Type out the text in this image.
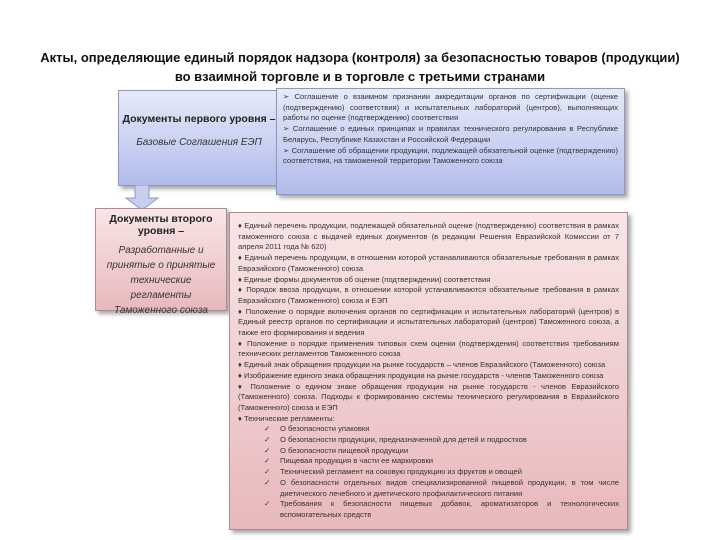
Акты, определяющие единый порядок надзора (контроля) за безопасностью товаров (продукции) во взаимной торговле и в торговле с третьими странами
Документы первого уровня –
Базовые Соглашения ЕЭП

➢ Соглашение о взаимном признании аккредитации органов по сертификации (оценке (подтверждению) соответствия) и испытательных лабораторий (центров), выполняющих работы по оценке (подтверждению) соответствия

➢ Соглашение о единых принципах и правилах технического регулирования в Республике Беларусь, Республике Казахстан и Российской Федерации

➢ Соглашение об обращении продукции, подлежащей обязательной оценке (подтверждению) соответствия, на таможенной территории Таможенного союза

Документы второго уровня –
Разработанные и принятые о принятые технические регламенты Таможенного союза

♦ Единый перечень продукции, подлежащей обязательной оценке (подтверждению) соответствия в рамках таможенного союза с выдачей единых документов (в редакции Решения Евразийской Комиссии от 7 апреля 2011 года № 620)

♦ Единый перечень продукции, в отношении которой устанавливаются обязательные требования в рамках Евразийского (Таможенного) союза

♦ Единые формы документов об оценке (подтверждении) соответствия

♦ Порядок ввоза продукции, в отношении которой устанавливаются обязательные требования в рамках Евразийского (Таможенного) союза и ЕЭП

♦ Положение о порядке включения органов по сертификации и испытательных лабораторий (центров) в Единый реестр органов по сертификации и испытательных лабораторий (центров) Таможенного союза, а также его формирования и ведения

♦ Положение о порядке применения типовых схем оценки (подтверждения) соответствия требованиям технических регламентов Таможенного союза

♦ Единый знак обращения продукции на рынке государств – членов Евразийского (Таможенного) союза

♦ Изображение единого знака обращения продукции на рынке государств - членов Таможенного союза

♦ Положение о едином знаке обращения продукции на рынке государств - членов Евразийского (Таможенного) союза. Подходы к формированию системы технического регулирования в Евразийского (Таможенного) союза и ЕЭП

♦ Технические регламенты:

✓ О безопасности упаковки

✓ О безопасности продукции, предназначенной для детей и подростков

✓ О безопасности пищевой продукции

✓ Пищевая продукция в части ее маркировки

✓ Технический регламент на соковую продукцию из фруктов и овощей

✓ О безопасности отдельных видов специализированной пищевой продукции, в том числе диетического лечебного и диетического профилактического питания

✓ Требования к безопасности пищевых добавок, ароматизаторов и технологических вспомогательных средств
